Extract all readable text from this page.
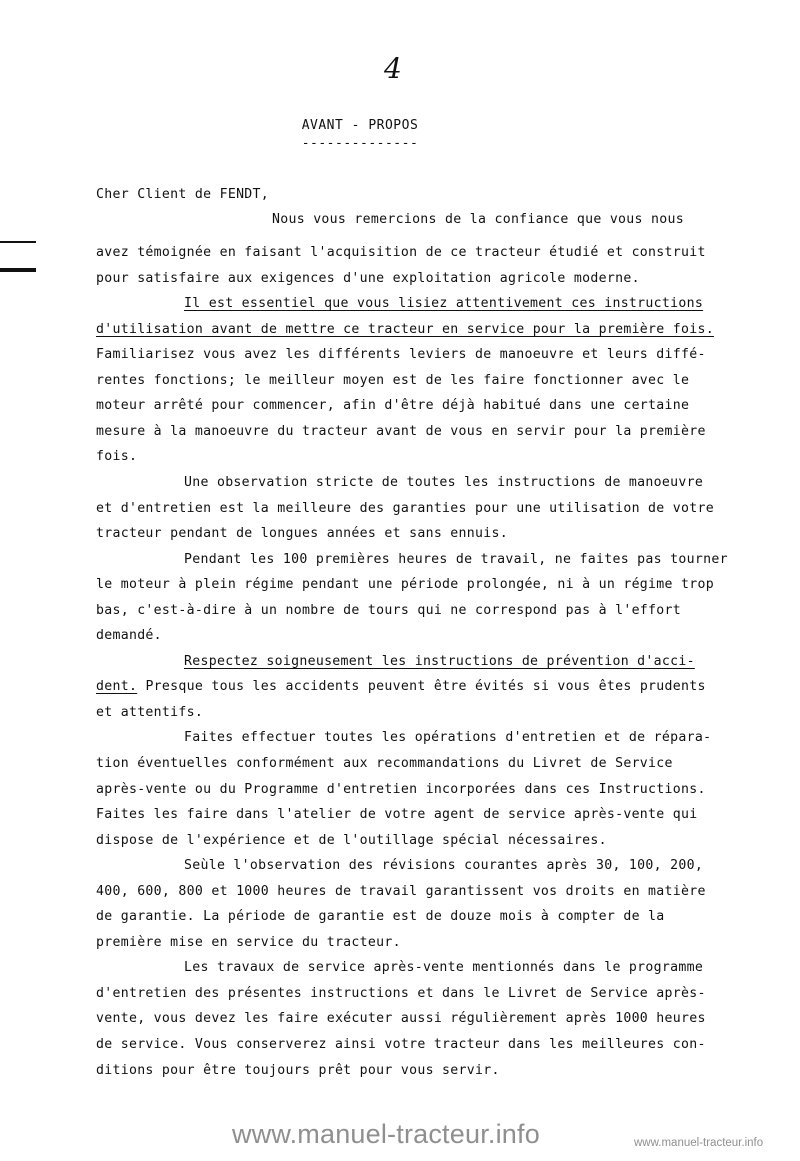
4
AVANT - PROPOS
--------------
Cher Client de FENDT,
Nous vous remercions de la confiance que vous nous
avez témoignée en faisant l'acquisition de ce tracteur étudié et construit
pour satisfaire aux exigences d'une exploitation agricole moderne.
Il est essentiel que vous lisiez attentivement ces instructions
d'utilisation avant de mettre ce tracteur en service pour la première fois.
Familiarisez vous avez les différents leviers de manoeuvre et leurs diffé-
rentes fonctions; le meilleur moyen est de les faire fonctionner avec le
moteur arrêté pour commencer, afin d'être déjà habitué dans une certaine
mesure à la manoeuvre du tracteur avant de vous en servir pour la première
fois.
Une observation stricte de toutes les instructions de manoeuvre
et d'entretien est la meilleure des garanties pour une utilisation de votre
tracteur pendant de longues années et sans ennuis.
Pendant les 100 premières heures de travail, ne faites pas tourner
le moteur à plein régime pendant une période prolongée, ni à un régime trop
bas, c'est-à-dire à un nombre de tours qui ne correspond pas à l'effort
demandé.
Respectez soigneusement les instructions de prévention d'acci-
dent. Presque tous les accidents peuvent être évités si vous êtes prudents
et attentifs.
Faites effectuer toutes les opérations d'entretien et de répara-
tion éventuelles conformément aux recommandations du Livret de Service
après-vente ou du Programme d'entretien incorporées dans ces Instructions.
Faites les faire dans l'atelier de votre agent de service après-vente qui
dispose de l'expérience et de l'outillage spécial nécessaires.
Seùle l'observation des révisions courantes après 30, 100, 200,
400, 600, 800 et 1000 heures de travail garantissent vos droits en matière
de garantie. La période de garantie est de douze mois à compter de la
première mise en service du tracteur.
Les travaux de service après-vente mentionnés dans le programme
d'entretien des présentes instructions et dans le Livret de Service après-
vente, vous devez les faire exécuter aussi régulièrement après 1000 heures
de service. Vous conserverez ainsi votre tracteur dans les meilleures con-
ditions pour être toujours prêt pour vous servir.
www.manuel-tracteur.info	www.manuel-tracteur.info
